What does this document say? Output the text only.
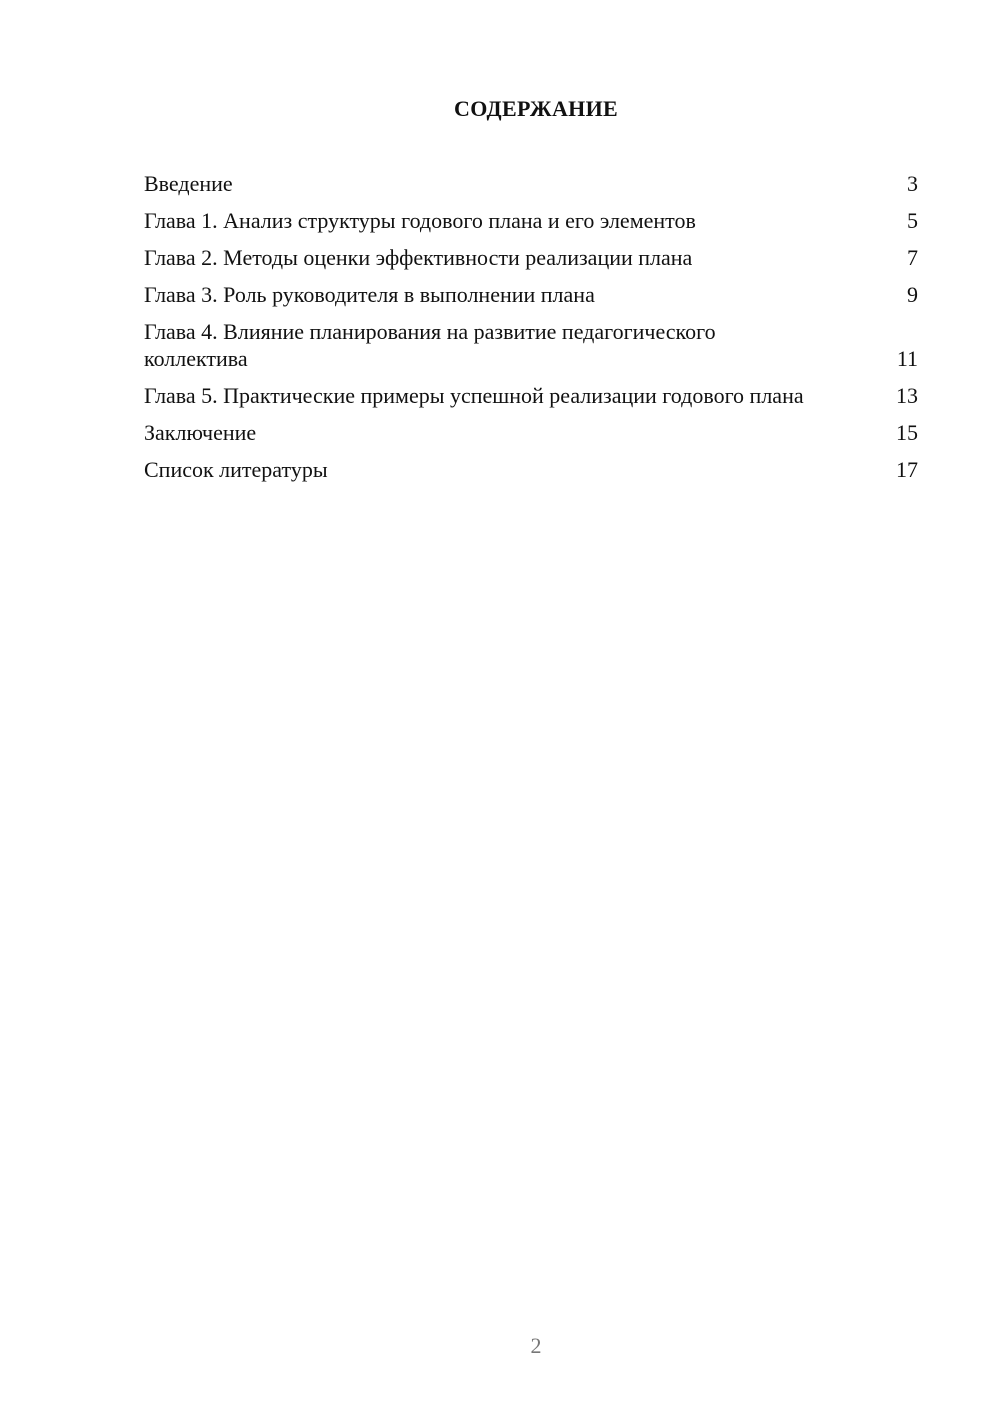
СОДЕРЖАНИЕ
Введение	3
Глава 1. Анализ структуры годового плана и его элементов	5
Глава 2. Методы оценки эффективности реализации плана	7
Глава 3. Роль руководителя в выполнении плана	9
Глава 4. Влияние планирования на развитие педагогического коллектива	11
Глава 5. Практические примеры успешной реализации годового плана	13
Заключение	15
Список литературы	17
2
